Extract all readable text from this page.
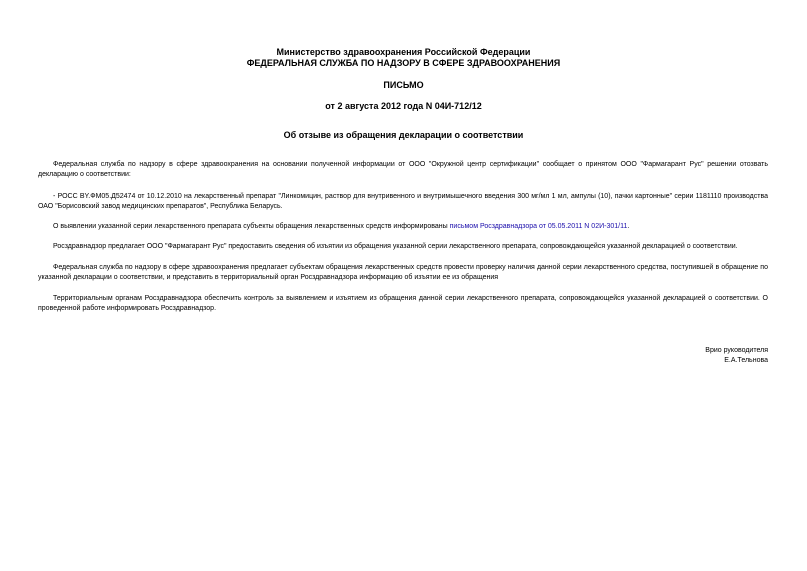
Министерство здравоохранения Российской Федерации
ФЕДЕРАЛЬНАЯ СЛУЖБА ПО НАДЗОРУ В СФЕРЕ ЗДРАВООХРАНЕНИЯ
ПИСЬМО
от 2 августа 2012 года N 04И-712/12
Об отзыве из обращения декларации о соответствии

Федеральная служба по надзору в сфере здравоохранения на основании полученной информации от ООО "Окружной центр сертификации" сообщает о принятом ООО "Фармагарант Рус" решении отозвать декларацию о соответствии:

- РОСС BY.ФМ05.Д52474 от 10.12.2010 на лекарственный препарат "Линкомицин, раствор для внутривенного и внутримышечного введения 300 мг/мл 1 мл, ампулы (10), пачки картонные" серии 1181110 производства ОАО "Борисовский завод медицинских препаратов", Республика Беларусь.

О выявлении указанной серии лекарственного препарата субъекты обращения лекарственных средств информированы письмом Росздравнадзора от 05.05.2011 N 02И-301/11.

Росздравнадзор предлагает ООО "Фармагарант Рус" предоставить сведения об изъятии из обращения указанной серии лекарственного препарата, сопровождающейся указанной декларацией о соответствии.

Федеральная служба по надзору в сфере здравоохранения предлагает субъектам обращения лекарственных средств провести проверку наличия данной серии лекарственного средства, поступившей в обращение по указанной декларации о соответствии, и представить в территориальный орган Росздравнадзора информацию об изъятии ее из обращения

Территориальным органам Росздравнадзора обеспечить контроль за выявлением и изъятием из обращения данной серии лекарственного препарата, сопровождающейся указанной декларацией о соответствии. О проведенной работе информировать Росздравнадзор.

Врио руководителя
Е.А.Тельнова
